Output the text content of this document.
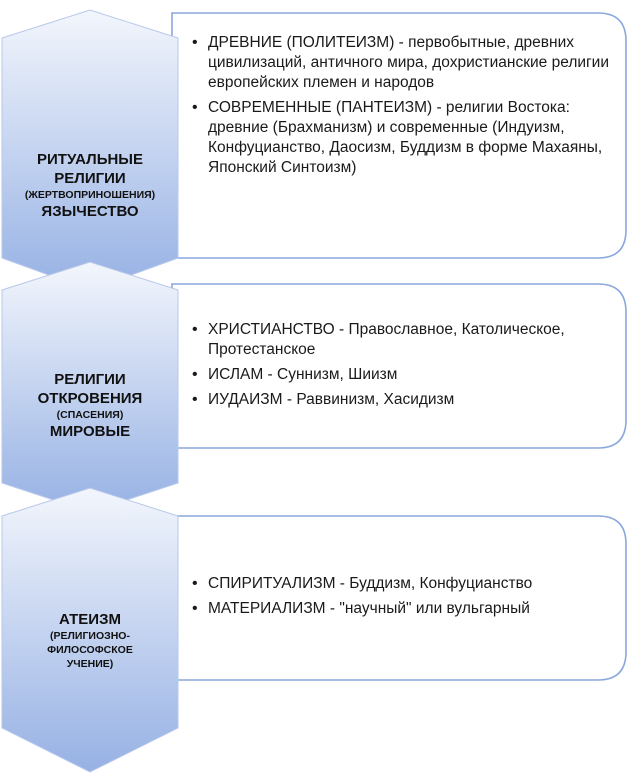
РИТУАЛЬНЫЕ
РЕЛИГИИ
(ЖЕРТВОПРИНОШЕНИЯ)
ЯЗЫЧЕСТВО
• ДРЕВНИЕ (ПОЛИТЕИЗМ) - первобытные, древних цивилизаций, античного мира, дохристианские религии европейских племен и народов
• СОВРЕМЕННЫЕ (ПАНТЕИЗМ) - религии Востока: древние (Брахманизм) и современные (Индуизм, Конфуцианство, Даосизм, Буддизм в форме Махаяны, Японский Синтоизм)
РЕЛИГИИ
ОТКРОВЕНИЯ
(СПАСЕНИЯ)
МИРОВЫЕ
• ХРИСТИАНСТВО - Православное, Католическое, Протестанское
• ИСЛАМ - Суннизм, Шиизм
• ИУДАИЗМ - Раввинизм, Хасидизм
АТЕИЗМ
(РЕЛИГИОЗНО-ФИЛОСОФСКОЕ УЧЕНИЕ)
• СПИРИТУАЛИЗМ - Буддизм, Конфуцианство
• МАТЕРИАЛИЗМ - "научный" или вульгарный
